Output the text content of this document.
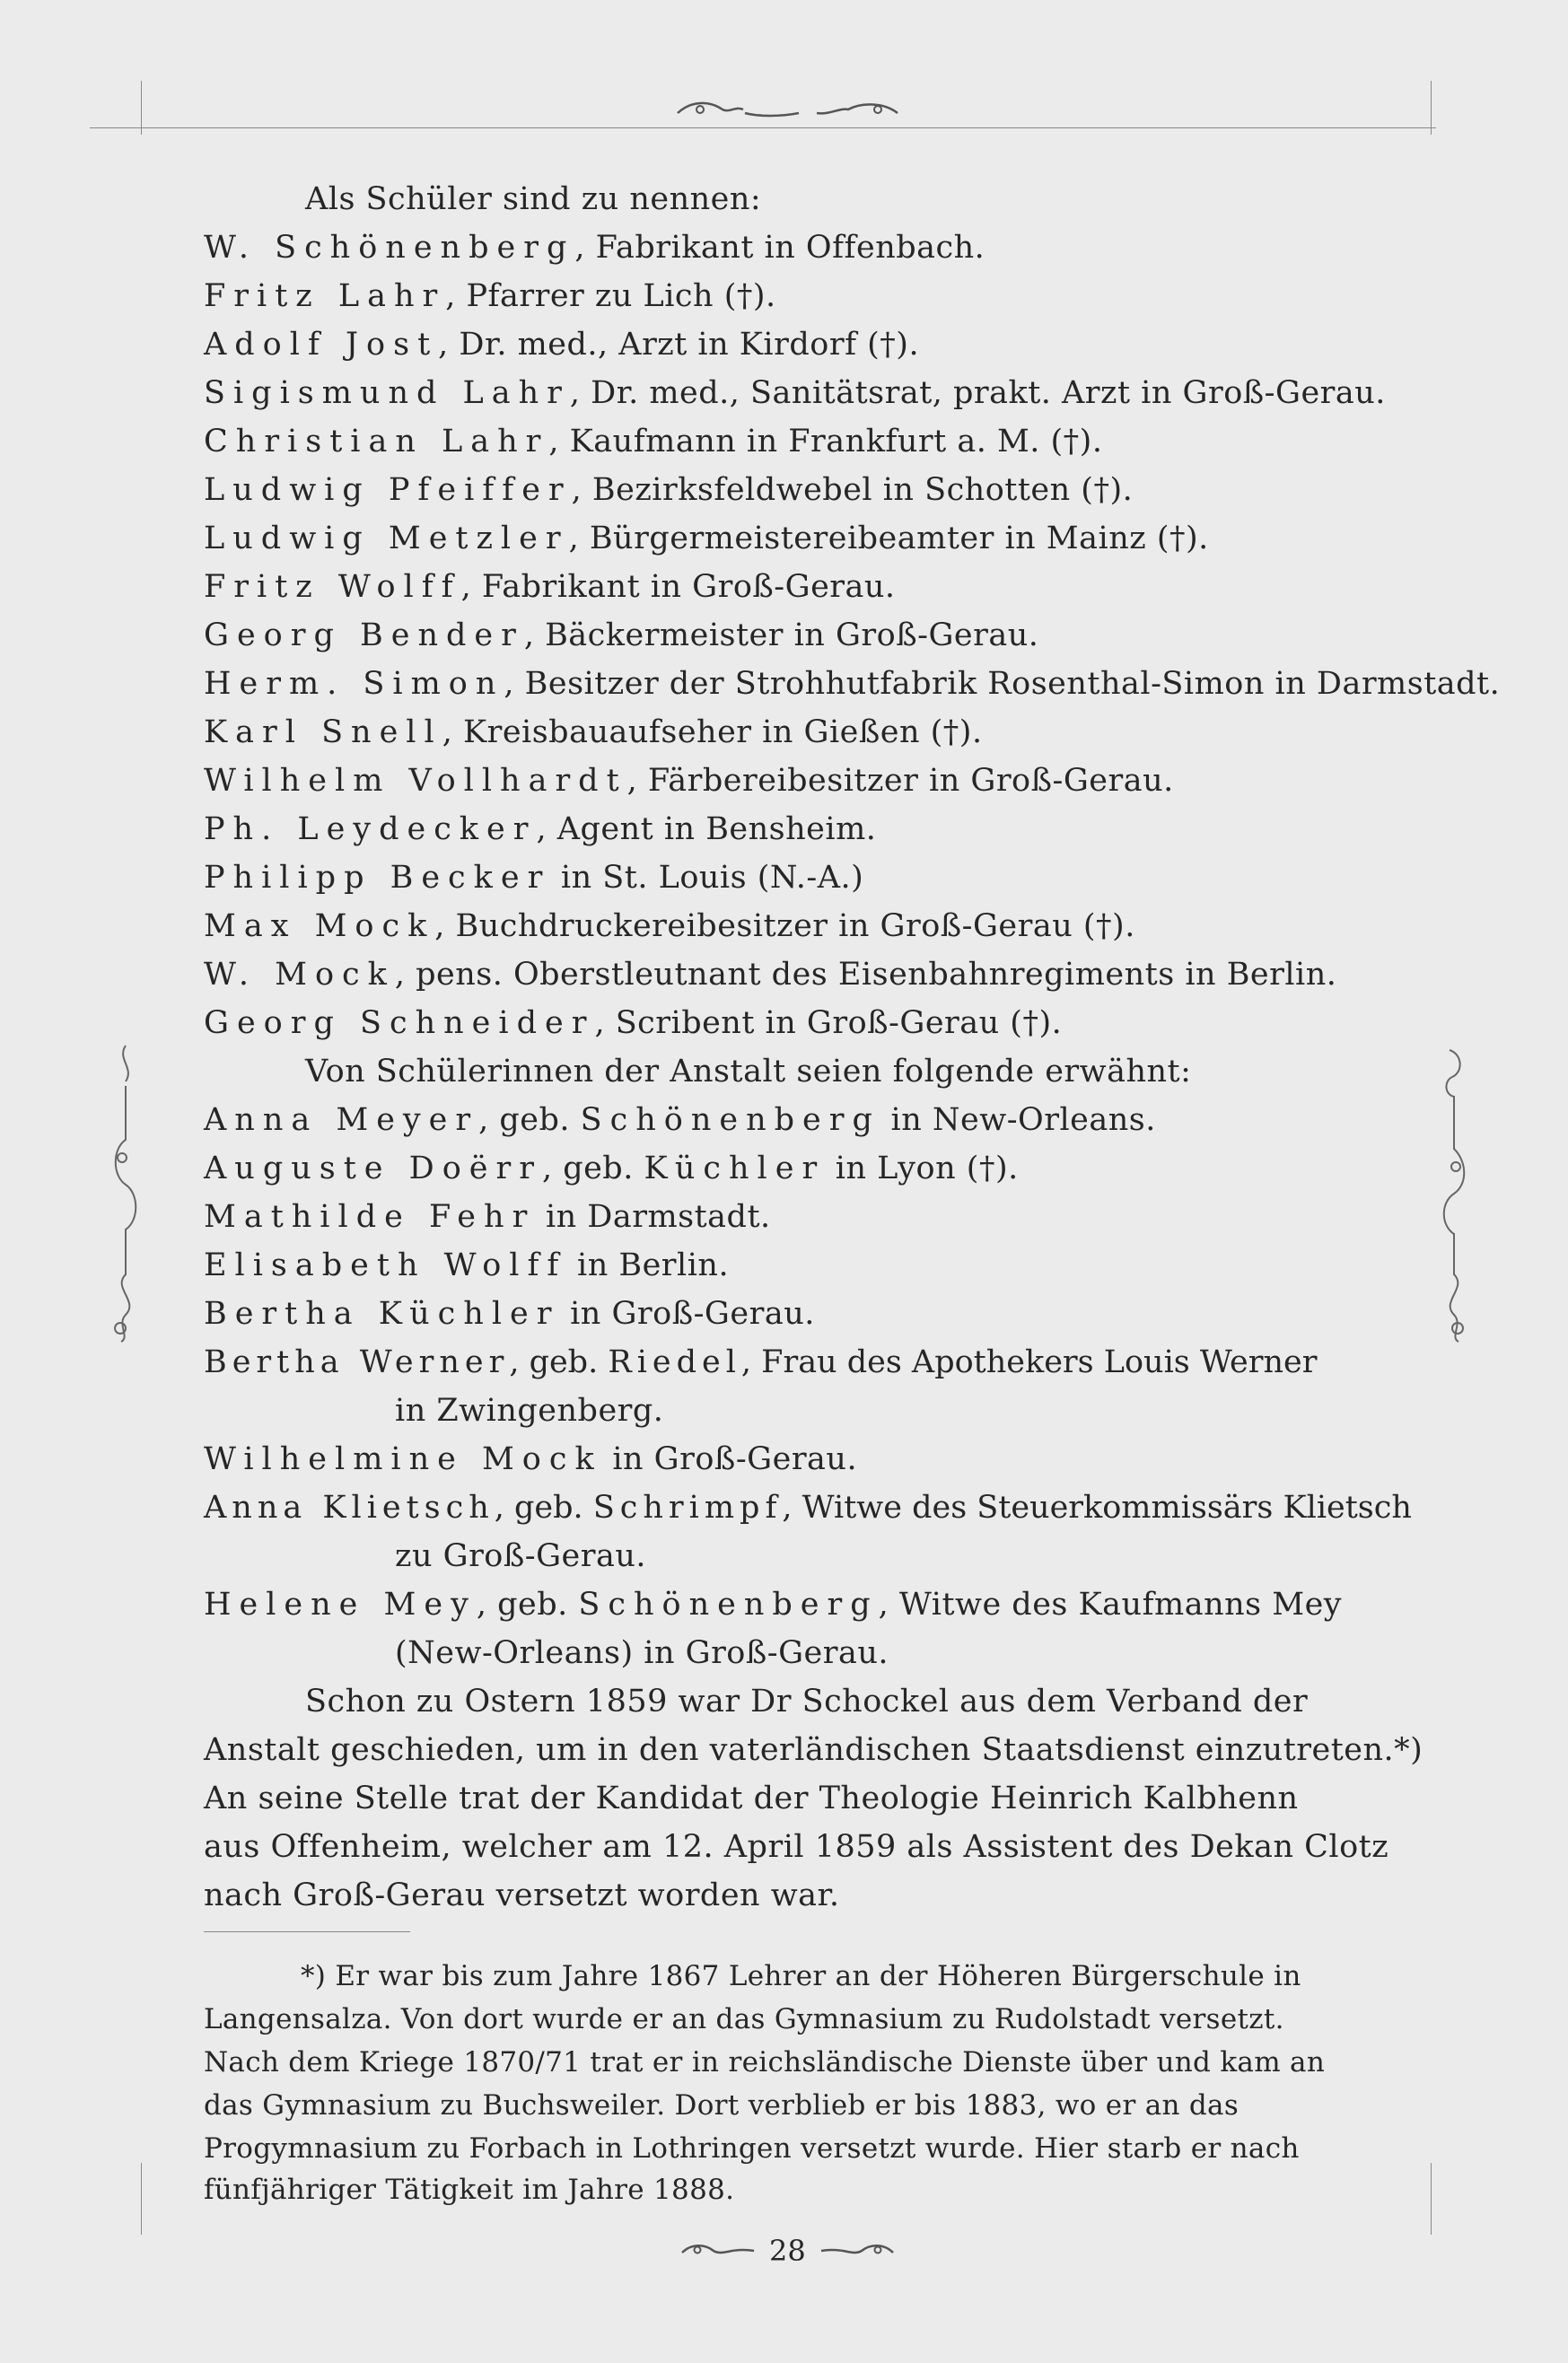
Als Schüler sind zu nennen:
W. Schönenberg, Fabrikant in Offenbach.
Fritz Lahr, Pfarrer zu Lich (†).
Adolf Jost, Dr. med., Arzt in Kirdorf (†).
Sigismund Lahr, Dr. med., Sanitätsrat, prakt. Arzt in Groß-Gerau.
Christian Lahr, Kaufmann in Frankfurt a. M. (†).
Ludwig Pfeiffer, Bezirksfeldwebel in Schotten (†).
Ludwig Metzler, Bürgermeistereibeamter in Mainz (†).
Fritz Wolff, Fabrikant in Groß-Gerau.
Georg Bender, Bäckermeister in Groß-Gerau.
Herm. Simon, Besitzer der Strohhutfabrik Rosenthal-Simon in Darmstadt.
Karl Snell, Kreisbauaufseher in Gießen (†).
Wilhelm Vollhardt, Färbereibesitzer in Groß-Gerau.
Ph. Leydecker, Agent in Bensheim.
Philipp Becker in St. Louis (N.-A.)
Max Mock, Buchdruckereibesitzer in Groß-Gerau (†).
W. Mock, pens. Oberstleutnant des Eisenbahnregiments in Berlin.
Georg Schneider, Scribent in Groß-Gerau (†).
Von Schülerinnen der Anstalt seien folgende erwähnt:
Anna Meyer, geb. Schönenberg in New-Orleans.
Auguste Doërr, geb. Küchler in Lyon (†).
Mathilde Fehr in Darmstadt.
Elisabeth Wolff in Berlin.
Bertha Küchler in Groß-Gerau.
Bertha Werner, geb. Riedel, Frau des Apothekers Louis Werner
in Zwingenberg.
Wilhelmine Mock in Groß-Gerau.
Anna Klietsch, geb. Schrimpf, Witwe des Steuerkommissärs Klietsch
zu Groß-Gerau.
Helene Mey, geb. Schönenberg, Witwe des Kaufmanns Mey
(New-Orleans) in Groß-Gerau.
Schon zu Ostern 1859 war Dr Schockel aus dem Verband der
Anstalt geschieden, um in den vaterländischen Staatsdienst einzutreten.*)
An seine Stelle trat der Kandidat der Theologie Heinrich Kalbhenn
aus Offenheim, welcher am 12. April 1859 als Assistent des Dekan Clotz
nach Groß-Gerau versetzt worden war.
*) Er war bis zum Jahre 1867 Lehrer an der Höheren Bürgerschule in
Langensalza. Von dort wurde er an das Gymnasium zu Rudolstadt versetzt.
Nach dem Kriege 1870/71 trat er in reichsländische Dienste über und kam an
das Gymnasium zu Buchsweiler. Dort verblieb er bis 1883, wo er an das
Progymnasium zu Forbach in Lothringen versetzt wurde. Hier starb er nach
fünfjähriger Tätigkeit im Jahre 1888.
28
